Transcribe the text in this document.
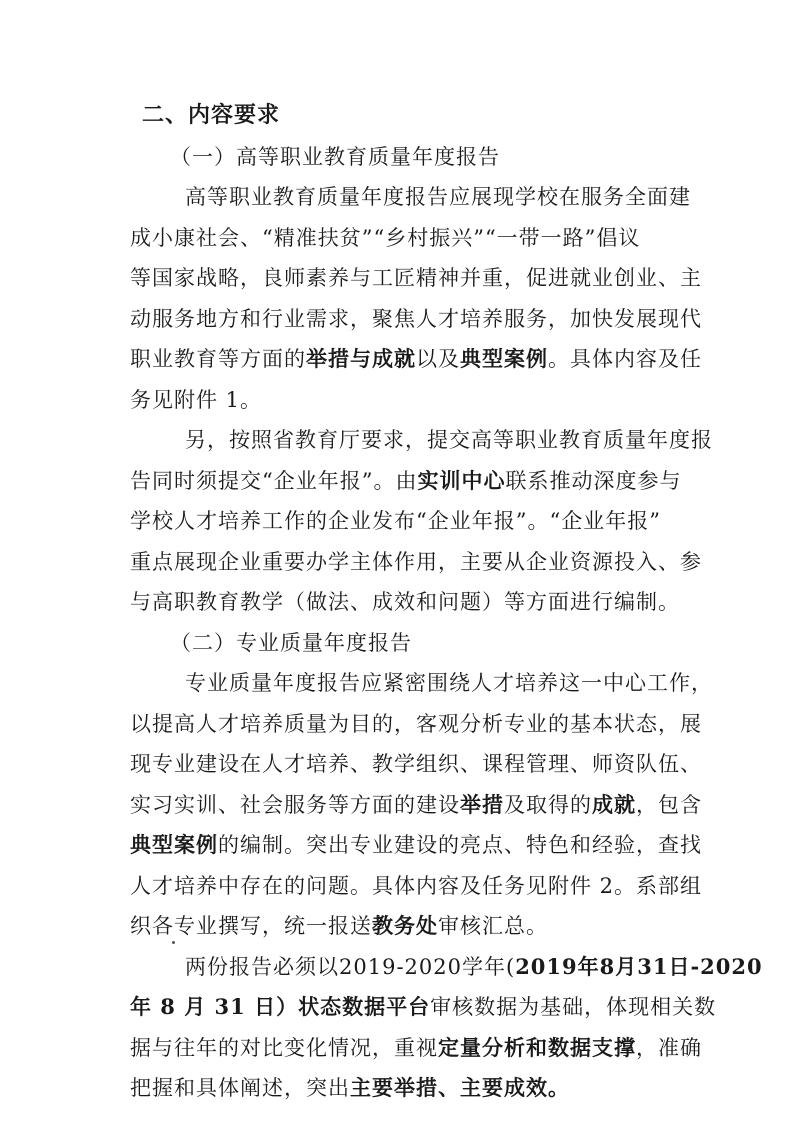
二、内容要求
（一）高等职业教育质量年度报告
高等职业教育质量年度报告应展现学校在服务全面建
成小康社会、“精准扶贫”“乡村振兴”“一带一路”倡议
等国家战略，良师素养与工匠精神并重，促进就业创业、主
动服务地方和行业需求，聚焦人才培养服务，加快发展现代
职业教育等方面的举措与成就以及典型案例。具体内容及任
务见附件 1。
另，按照省教育厅要求，提交高等职业教育质量年度报
告同时须提交“企业年报”。由实训中心联系推动深度参与
学校人才培养工作的企业发布“企业年报”。“企业年报”
重点展现企业重要办学主体作用，主要从企业资源投入、参
与高职教育教学（做法、成效和问题）等方面进行编制。
（二）专业质量年度报告
专业质量年度报告应紧密围绕人才培养这一中心工作，
以提高人才培养质量为目的，客观分析专业的基本状态，展
现专业建设在人才培养、教学组织、课程管理、师资队伍、
实习实训、社会服务等方面的建设举措及取得的成就，包含
典型案例的编制。突出专业建设的亮点、特色和经验，查找
人才培养中存在的问题。具体内容及任务见附件 2。系部组
织各专业撰写，统一报送教务处审核汇总。
两份报告必须以2019-2020学年(2019年8月31日-2020
年 8 月 31 日）状态数据平台审核数据为基础，体现相关数
据与往年的对比变化情况，重视定量分析和数据支撑，准确
把握和具体阐述，突出主要举措、主要成效。
